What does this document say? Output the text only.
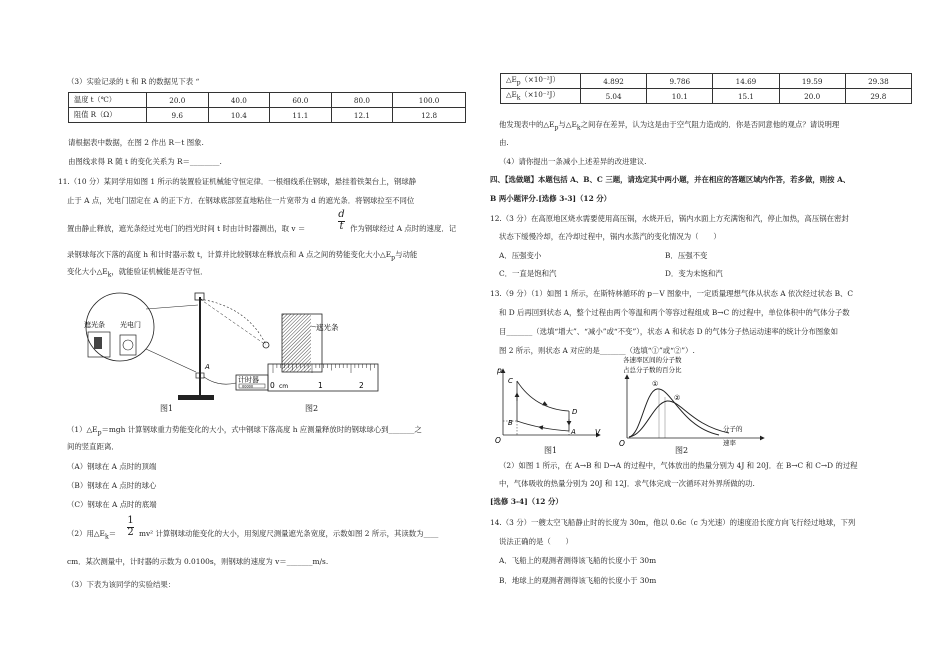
（3）实验记录的 t 和 R 的数据见下表 “
温度 t（℃）	20.0	40.0	60.0	80.0	100.0
阻值 R（Ω）	9.6	10.4	11.1	12.1	12.8
请根据表中数据，在图 2 作出 R－t 图象.
由图线求得 R 随 t 的变化关系为 R＝________.
11.（10 分）某同学用如图 1 所示的装置验证机械能守恒定律．一根细线系住钢球，悬挂着铁架台上，钢球静
止于 A 点，光电门固定在 A 的正下方．在钢球底部竖直地粘住一片宽带为 d 的遮光条．将钢球拉至不同位
置由静止释放，遮光条经过光电门的挡光时间 t 时由计时器测出，取 v ＝
d
t 作为钢球经过 A 点时的速度．记
录钢球每次下落的高度 h 和计时器示数 t，计算并比较钢球在释放点和 A 点之间的势能变化大小$\triangle E_p$与动能
变化大小$\triangle E_k$，就能验证机械能是否守恒．
遮光条 光电门
A
计时器
00000
图1
遮光条
0 cm	1	2
图2
$(1)\triangle E_p=mgh$ 计算钢球重力势能变化的大小，式中钢球下落高度 h 应测量释放时的钢球球心到_______之
间的竖直距离．
（A）钢球在 A 点时的顶端
（B）钢球在 A 点时的球心
（C）钢球在 A 点时的底端
（2）用$\triangle E_k=$
1
2 mv² 计算钢球动能变化的大小，用刻度尺测量遮光条宽度，示数如图 2 所示，其读数为____
cm．某次测量中，计时器的示数为 0.0100s，则钢球的速度为 v＝_______m/s.
（3）下表为该同学的实验结果：
$\triangle E_p(\times 10^{-2}J)$	4.892	9.786	14.69	19.59	29.38
$\triangle E_k(\times 10^{-2}J)$	5.04	10.1	15.1	20.0	29.8
他发现表中的$\triangle E_p$与$\triangle E_k$之间存在差异，认为这是由于空气阻力造成的．你是否同意他的观点？请说明理
由.
（4）请你提出一条减小上述差异的改进建议.
四、【选做题】本题包括 A、B、C 三题，请选定其中两小题，并在相应的答题区域内作答，若多做，则按 A、
B 两小题评分.[选修 3-3]（12 分）
12.（3 分）在高原地区烧水需要使用高压锅，水烧开后，锅内水面上方充满饱和汽，停止加热，高压锅在密封
状态下缓慢冷却，在冷却过程中，锅内水蒸汽的变化情况为（　　）
A．压强变小	B．压强不变
C．一直是饱和汽	D．变为未饱和汽
13.（9 分）（1）如图 1 所示，在斯特林循环的 p－V 图象中，一定质量理想气体从状态 A 依次经过状态 B、C
和 D 后再回到状态 A，整个过程由两个等温和两个等容过程组成 B→C 的过程中，单位体积中的气体分子数
目_______（选填“增大”、“减小”或“不变”），状态 A 和状态 D 的气体分子热运动速率的统计分布图象如
图 2 所示，则状态 A 对应的是_______（选填“①”或“②”）.
p
V
O
C
D
B
A
图1
各速率区间的分子数
占总分子数的百分比
O
①
②
分子的
速率
图2
（2）如图 1 所示，在 A→B 和 D→A 的过程中，气体放出的热量分别为 4J 和 20J．在 B→C 和 C→D 的过程
中，气体吸收的热量分别为 20J 和 12J．求气体完成一次循环对外界所做的功.
[选修 3-4]（12 分）
14.（3 分）一艘太空飞船静止时的长度为 30m，他以 0.6c（c 为光速）的速度沿长度方向飞行经过地球，下列
说法正确的是（　　）
A．飞船上的观测者测得该飞船的长度小于 30m
B．地球上的观测者测得该飞船的长度小于 30m
